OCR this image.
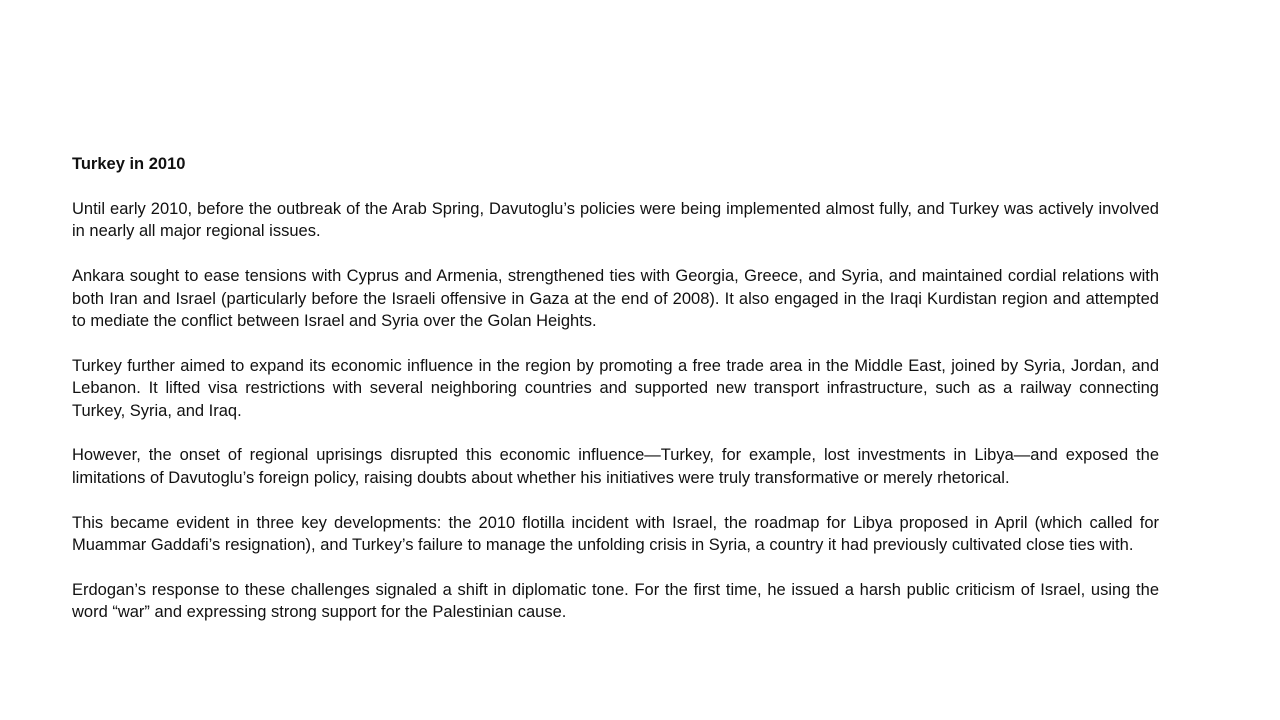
Turkey in 2010

Until early 2010, before the outbreak of the Arab Spring, Davutoglu’s policies were being implemented almost fully, and Turkey was actively involved in nearly all major regional issues.

Ankara sought to ease tensions with Cyprus and Armenia, strengthened ties with Georgia, Greece, and Syria, and maintained cordial relations with both Iran and Israel (particularly before the Israeli offensive in Gaza at the end of 2008). It also engaged in the Iraqi Kurdistan region and attempted to mediate the conflict between Israel and Syria over the Golan Heights.

Turkey further aimed to expand its economic influence in the region by promoting a free trade area in the Middle East, joined by Syria, Jordan, and Lebanon. It lifted visa restrictions with several neighboring countries and supported new transport infrastructure, such as a railway connecting Turkey, Syria, and Iraq.

However, the onset of regional uprisings disrupted this economic influence—Turkey, for example, lost investments in Libya—and exposed the limitations of Davutoglu’s foreign policy, raising doubts about whether his initiatives were truly transformative or merely rhetorical.

This became evident in three key developments: the 2010 flotilla incident with Israel, the roadmap for Libya proposed in April (which called for Muammar Gaddafi’s resignation), and Turkey’s failure to manage the unfolding crisis in Syria, a country it had previously cultivated close ties with.

Erdogan’s response to these challenges signaled a shift in diplomatic tone. For the first time, he issued a harsh public criticism of Israel, using the word “war” and expressing strong support for the Palestinian cause.
